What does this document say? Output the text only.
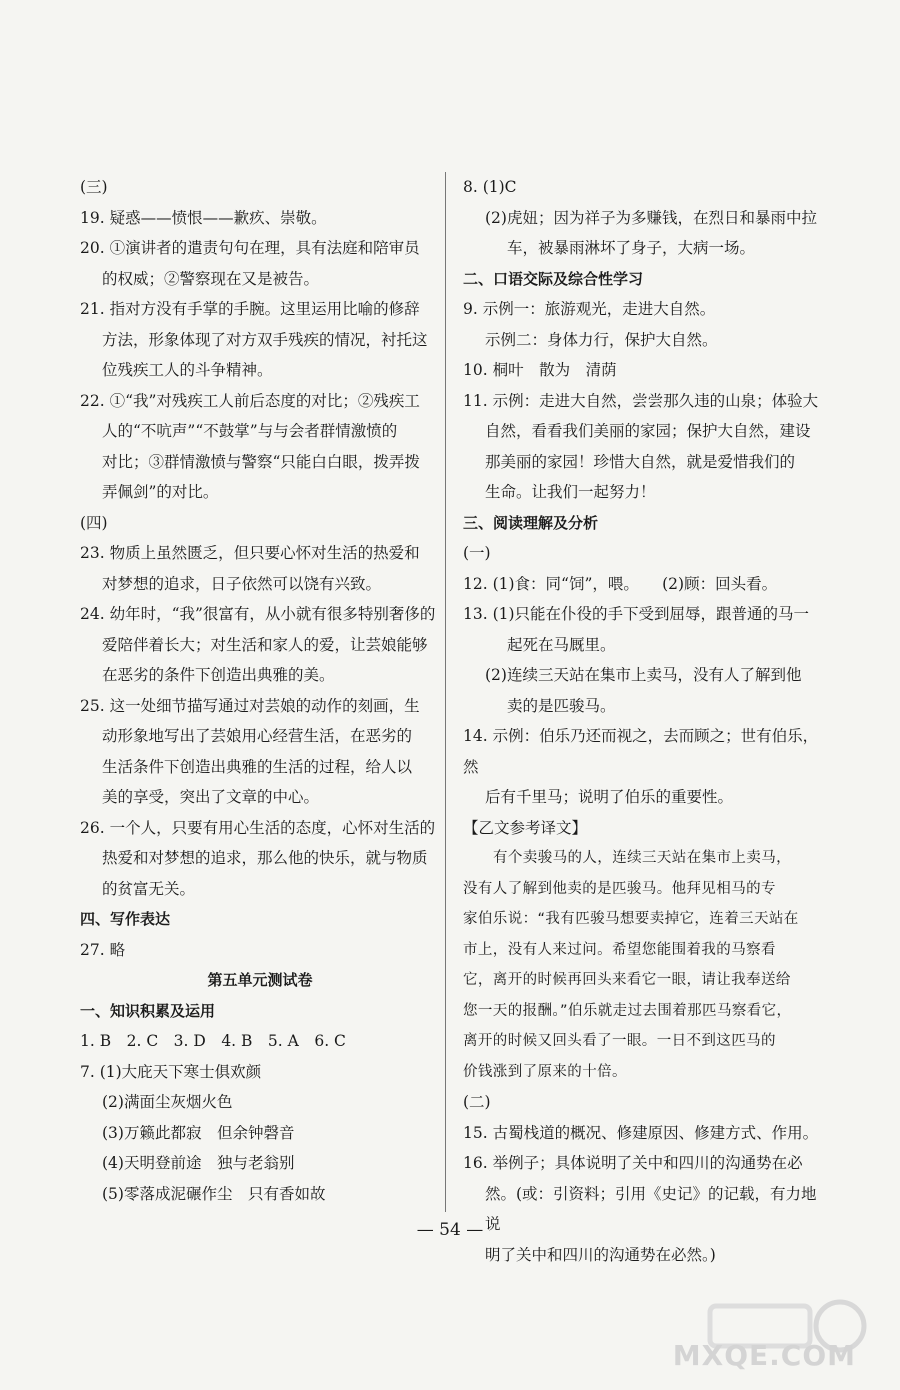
(三)
19. 疑惑——愤恨——歉疚、崇敬。
20. ①演讲者的遣责句句在理，具有法庭和陪审员
的权威；②警察现在又是被告。
21. 指对方没有手掌的手腕。这里运用比喻的修辞
方法，形象体现了对方双手残疾的情况，衬托这
位残疾工人的斗争精神。
22. ①“我”对残疾工人前后态度的对比；②残疾工
人的“不吭声”“不鼓掌”与与会者群情激愤的
对比；③群情激愤与警察“只能白白眼，拨弄拨
弄佩剑”的对比。
(四)
23. 物质上虽然匮乏，但只要心怀对生活的热爱和
对梦想的追求，日子依然可以饶有兴致。
24. 幼年时，“我”很富有，从小就有很多特别奢侈的
爱陪伴着长大；对生活和家人的爱，让芸娘能够
在恶劣的条件下创造出典雅的美。
25. 这一处细节描写通过对芸娘的动作的刻画，生
动形象地写出了芸娘用心经营生活，在恶劣的
生活条件下创造出典雅的生活的过程，给人以
美的享受，突出了文章的中心。
26. 一个人，只要有用心生活的态度，心怀对生活的
热爱和对梦想的追求，那么他的快乐，就与物质
的贫富无关。
四、写作表达
27. 略
第五单元测试卷
一、知识积累及运用
1. B　2. C　3. D　4. B　5. A　6. C
7. (1)大庇天下寒士俱欢颜
(2)满面尘灰烟火色
(3)万籁此都寂　但余钟磬音
(4)天明登前途　独与老翁别
(5)零落成泥碾作尘　只有香如故
8. (1)C
(2)虎妞；因为祥子为多赚钱，在烈日和暴雨中拉
车，被暴雨淋坏了身子，大病一场。
二、口语交际及综合性学习
9. 示例一：旅游观光，走进大自然。
示例二：身体力行，保护大自然。
10. 桐叶　散为　清荫
11. 示例：走进大自然，尝尝那久违的山泉；体验大
自然，看看我们美丽的家园；保护大自然，建设
那美丽的家园！珍惜大自然，就是爱惜我们的
生命。让我们一起努力！
三、阅读理解及分析
(一)
12. (1)食：同“饲”，喂。　　(2)顾：回头看。
13. (1)只能在仆役的手下受到屈辱，跟普通的马一
起死在马厩里。
(2)连续三天站在集市上卖马，没有人了解到他
卖的是匹骏马。
14. 示例：伯乐乃还而视之，去而顾之；世有伯乐，然
后有千里马；说明了伯乐的重要性。
【乙文参考译文】
有个卖骏马的人，连续三天站在集市上卖马，
没有人了解到他卖的是匹骏马。他拜见相马的专
家伯乐说：“我有匹骏马想要卖掉它，连着三天站在
市上，没有人来过问。希望您能围着我的马察看
它，离开的时候再回头来看它一眼，请让我奉送给
您一天的报酬。”伯乐就走过去围着那匹马察看它，
离开的时候又回头看了一眼。一日不到这匹马的
价钱涨到了原来的十倍。
(二)
15. 古蜀栈道的概况、修建原因、修建方式、作用。
16. 举例子；具体说明了关中和四川的沟通势在必
然。(或：引资料；引用《史记》的记载，有力地说
明了关中和四川的沟通势在必然。)
— 54 —
MXQE.COM
